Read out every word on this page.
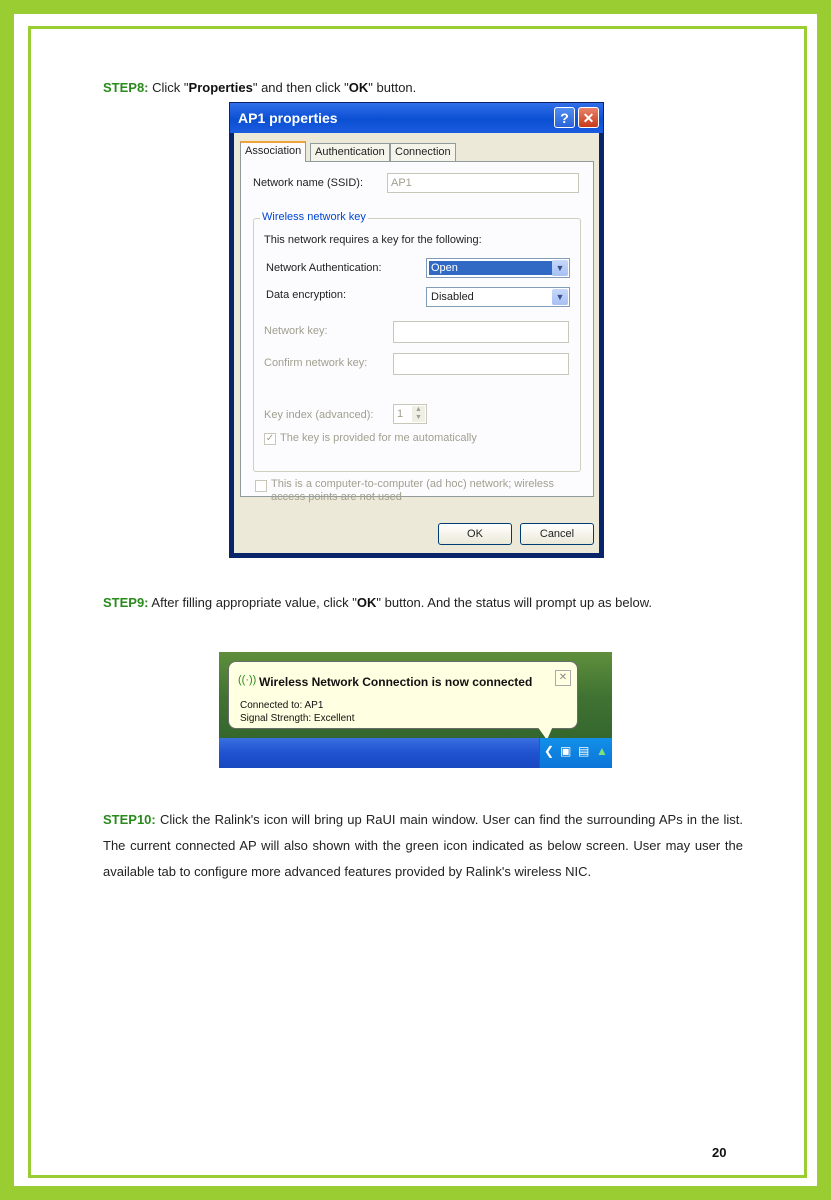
STEP8: Click "Properties" and then click "OK" button.
AP1 properties	? ✕
Association	Authentication Connection
Network name (SSID):	AP1
Wireless network key
This network requires a key for the following:
Network Authentication:	Open	▼
Data encryption:	Disabled	▼
Network key:
Confirm network key:
Key index (advanced):	1	▲
▼
✓ The key is provided for me automatically
This is a computer-to-computer (ad hoc) network; wireless
access points are not used
OK	Cancel
STEP9: After filling appropriate value, click "OK" button. And the status will prompt up as below.
((·)) Wireless Network Connection is now connected	✕
Connected to: AP1
Signal Strength: Excellent
❮ ▣ ▤ ▲
STEP10: Click the Ralink's icon will bring up RaUI main window. User can find the surrounding APs in the list. The current connected AP will also shown with the green icon indicated as below screen. User may user the available tab to configure more advanced features provided by Ralink's wireless NIC.
20
